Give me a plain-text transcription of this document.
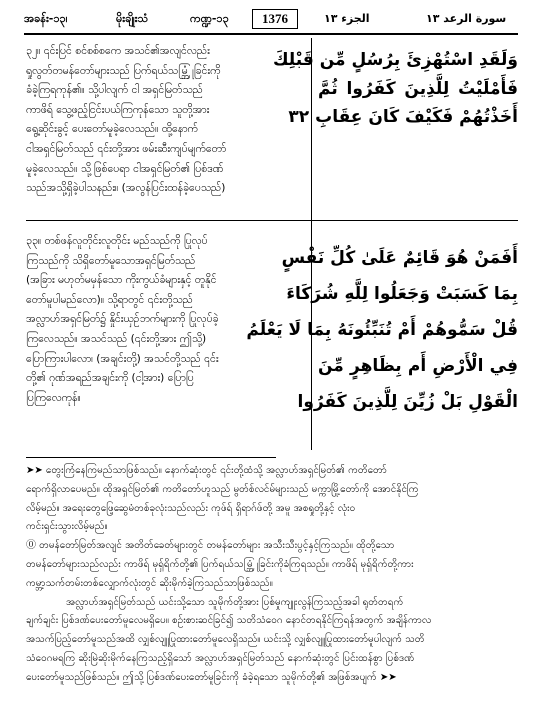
အခန်း-၁၃၊	မိုးချိုးသံ	ကဏ္ဍ-၁၃	1376	الجزء ١٣	سورة الرعد ١٣
၃၂။ ၎င်းပြင် စင်စစ်စကေ အသင်၏အလျင်လည်း
ရှုလွတ်တမန်တော်များသည် ပြက်ရယ်သမ္ဘြုံခြင်းကို
ခံခဲ့ကြရကုန်၏။ သို့ပါလျက် ငါ အရှင်မြတ်သည်
ကာဖိရ် သွေ့ဖည့်ငြင်းပယ်ကြကုန်သော သူတို့အား
ရွေ့ဆိုင်းခွင့် ပေးတော်မူခဲ့လေသည်။ ထို့နောက်
ငါအရှင်မြတ်သည် ၎င်းတို့အား ဖမ်းဆီးကျပ်မျက်တော်
မူခဲ့လေသည်။ သို့ဖြစ်ပေရာ ငါအရှင်မြတ်၏ ပြစ်ဒဏ်
သည်အသို့ရှိခဲ့ပါသနည်း။ (အလွန်ပြင်းထန်ခဲ့ပေသည်)
وَلَقَدِ اسْتُهْزِئَ بِرُسُلٍ مِّن قَبْلِكَ
فَأَمْلَيْتُ لِلَّذِينَ كَفَرُوا ثُمَّ
أَخَذْتُهُمْ فَكَيْفَ كَانَ عِقَابِ ٣٢
၃၃။ တစ်ဖန်လူတိုင်းလူတိုင်း မည်သည်ကို ပြုလုပ်
ကြသည်ကို သိရှိတော်မူသောအရှင်မြတ်သည်
(အခြား မဟုတ်မမှန်သော ကိုးကွယ်ခံများနှင့် တူနိုင်
တော်မူပါမည်လော)။ သို့ရာတွင် ၎င်းတို့သည်
အလ္လာဟ်အရှင်မြတ်၌ နှိုင်းယှဉ်ဘက်များကို ပြုလုပ်ခဲ့
ကြလေသည်။ အသင်သည် (၎င်းတို့အား ဤသို့)
ပြောကြားပါလော၊ (အချင်းတို့) အသင်တို့သည် ၎င်း
တို့၏ ဂုဏ်အရည်အချင်းကို (ငါ့အား) ပြောပြ
ပြကြလေကုန်။
أَفَمَنْ هُوَ قَائِمٌ عَلَىٰ كُلِّ نَفْسٍ
بِمَا كَسَبَتْ وَجَعَلُوا لِلَّهِ شُرَكَاءَ
قُلْ سَمُّوهُمْ أَمْ تُنَبِّئُونَهُ بِمَا لَا يَعْلَمُ
فِي الْأَرْضِ أَم بِظَاهِرٍ مِّنَ
الْقَوْلِ بَلْ زُيِّنَ لِلَّذِينَ كَفَرُوا
➤➤ တွေးကြံနေကြမည်သာဖြစ်သည်။ နောက်ဆုံးတွင် ၎င်းတို့ထံသို့ အလ္လာဟ်အရှင်မြတ်၏ ကတိတော်
ရောက်ရှိလာပေမည်။ ထိုအရှင်မြတ်၏ ကတိတော်ဟူသည် မွတ်စ်လင်မ်များသည် မက္ကာမြို့တော်ကို အောင်နိုင်ကြ
လိမ့်မည်။ အရေးတွေဖြေ့ဆွေမံတစ်ခုလုံးသည်လည်း ကုဖ်ရ် ရှိရာဂ်ဖ်တို့ အမူ အစရှုတို့နှင့် လုံးဝ
ကင်းရှင်းသွားလိမ့်မည်။
⓪ တမန်တော်မြတ်အလျင် အတိတ်ခေတ်များတွင် တမန်တော်များ အသီးသီးပွင့်နှင့်ကြသည်။ ထိုတို့သော
တမန်တော်များသည်လည်း ကာဖိရ် မုရှ်ရိက်တို့၏ ပြက်ရယ်သမ္ဘြုံခြင်းကိုခံကြရသည်။ ကာဖိရ် မုရှ်ရိက်တို့ကား
ကမ္ဘာ့သက်တမ်းတစ်လျှောက်လုံးတွင် ဆိုးမိုက်ခဲ့ကြသည်သာဖြစ်သည်။
အလ္လာဟ်အရှင်မြတ်သည် ယင်းသို့သော သူမိုက်တို့အား ပြစ်မှုကျူးလွန်ကြသည့်အခါ ရုတ်တရက်
ချက်ချင်း ပြစ်ဒဏ်ပေးတော်မူလေမရှိပေ။ စဉ်းစားဆင်ခြင်၍ သတိသံဝေဂ နောင်တရနိုင်ကြရန်အတွက် အချိန်ကာလ
အသက်ပြည့်တော်မူသည်အထိ လျှစ်လျူပြုထားတော်မူလေရှိသည်။ ယင်းသို့ လျှစ်လျူပြုထားတော်မူပါလျက် သတိ
သံဝေဂမရကြ ဆိုးမြဲဆိုးမိုက်နေကြသည့်ရှိသော် အလ္လာဟ်အရှင်မြတ်သည် နောက်ဆုံးတွင် ပြင်းထန်စွာ ပြစ်ဒဏ်
ပေးတော်မူသည်ဖြစ်သည်။ ဤသို့ ပြစ်ဒဏ်ပေးတော်မူခြင်းကို ခံခဲ့ရသော သူမိုက်တို့၏ အဖြစ်အပျက် ➤➤
